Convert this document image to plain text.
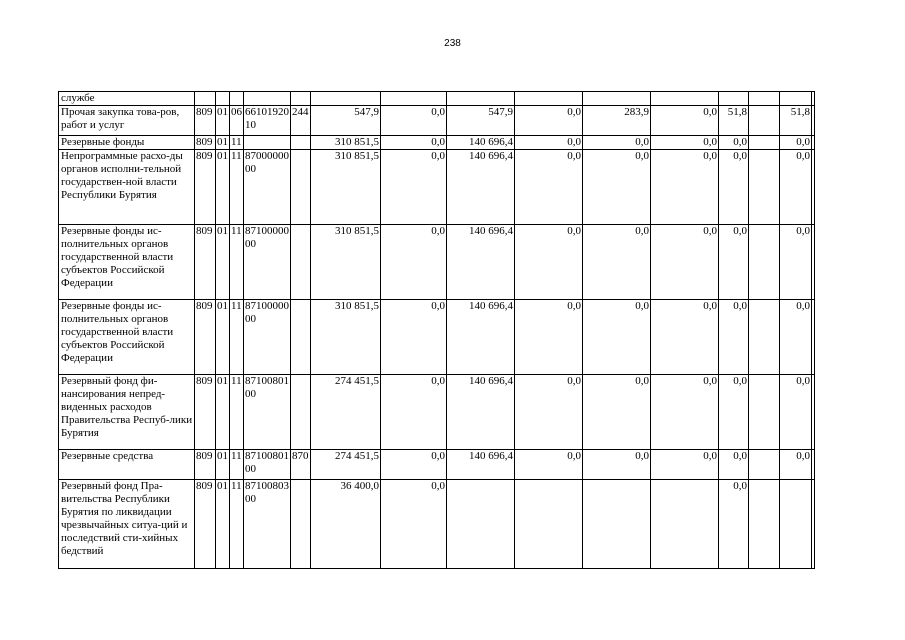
238
службе															
Прочая закупка това-ров, работ и услуг	809	01	06	6610192010	244	547,9	0,0	547,9	0,0	283,9	0,0	51,8		51,8	
Резервные фонды	809	01	11			310 851,5	0,0	140 696,4	0,0	0,0	0,0	0,0		0,0	
Непрограммные расхо-ды органов исполни-тельной государствен-ной власти Республики Бурятия	809	01	11	8700000000		310 851,5	0,0	140 696,4	0,0	0,0	0,0	0,0		0,0	
Резервные фонды ис-полнительных органов государственной власти субъектов Российской Федерации	809	01	11	8710000000		310 851,5	0,0	140 696,4	0,0	0,0	0,0	0,0		0,0	
Резервные фонды ис-полнительных органов государственной власти субъектов Российской Федерации	809	01	11	8710000000		310 851,5	0,0	140 696,4	0,0	0,0	0,0	0,0		0,0	
Резервный фонд фи-нансирования непред-виденных расходов Правительства Респуб-лики Бурятия	809	01	11	8710080100		274 451,5	0,0	140 696,4	0,0	0,0	0,0	0,0		0,0	
Резервные средства	809	01	11	8710080100	870	274 451,5	0,0	140 696,4	0,0	0,0	0,0	0,0		0,0	
Резервный фонд Пра-вительства Республики Бурятия по ликвидации чрезвычайных ситуа-ций и последствий сти-хийных бедствий	809	01	11	8710080300		36 400,0	0,0					0,0			
